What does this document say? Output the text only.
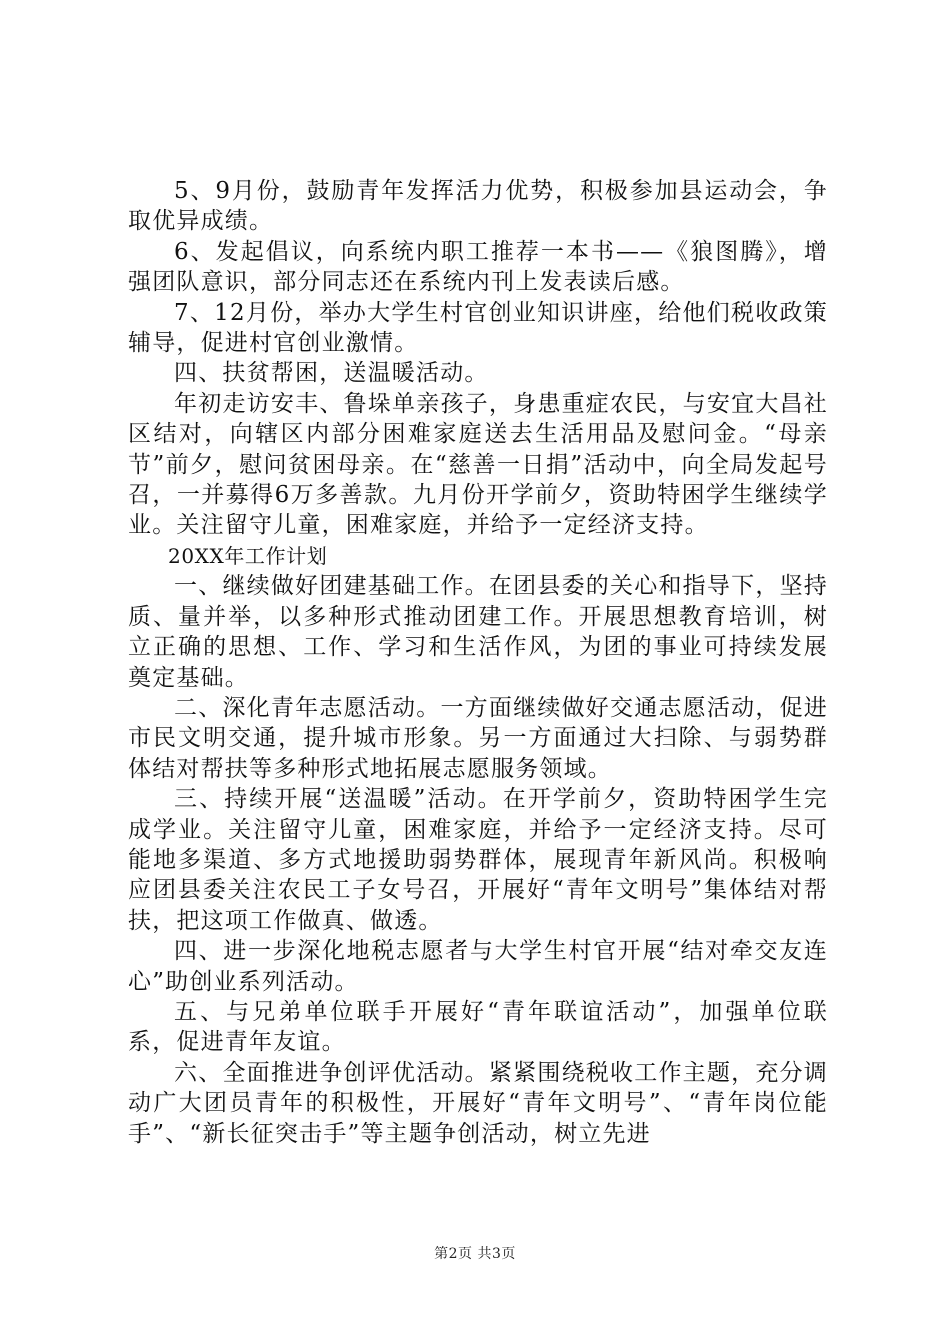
5、9月份，鼓励青年发挥活力优势，积极参加县运动会，争取优异成绩。

6、发起倡议，向系统内职工推荐一本书——《狼图腾》，增强团队意识，部分同志还在系统内刊上发表读后感。

7、12月份，举办大学生村官创业知识讲座，给他们税收政策辅导，促进村官创业激情。

四、扶贫帮困，送温暖活动。

年初走访安丰、鲁垛单亲孩子，身患重症农民，与安宜大昌社区结对，向辖区内部分困难家庭送去生活用品及慰问金。“母亲节”前夕，慰问贫困母亲。在“慈善一日捐”活动中，向全局发起号召，一并募得6万多善款。九月份开学前夕，资助特困学生继续学业。关注留守儿童，困难家庭，并给予一定经济支持。

20XX年工作计划

一、继续做好团建基础工作。在团县委的关心和指导下，坚持质、量并举，以多种形式推动团建工作。开展思想教育培训，树立正确的思想、工作、学习和生活作风，为团的事业可持续发展奠定基础。

二、深化青年志愿活动。一方面继续做好交通志愿活动，促进市民文明交通，提升城市形象。另一方面通过大扫除、与弱势群体结对帮扶等多种形式地拓展志愿服务领域。

三、持续开展“送温暖”活动。在开学前夕，资助特困学生完成学业。关注留守儿童，困难家庭，并给予一定经济支持。尽可能地多渠道、多方式地援助弱势群体，展现青年新风尚。积极响应团县委关注农民工子女号召，开展好“青年文明号”集体结对帮扶，把这项工作做真、做透。

四、进一步深化地税志愿者与大学生村官开展“结对牵交友连心”助创业系列活动。

五、与兄弟单位联手开展好“青年联谊活动”，加强单位联系，促进青年友谊。

六、全面推进争创评优活动。紧紧围绕税收工作主题，充分调动广大团员青年的积极性，开展好“青年文明号”、“青年岗位能手”、“新长征突击手”等主题争创活动，树立先进

第2页 共3页
